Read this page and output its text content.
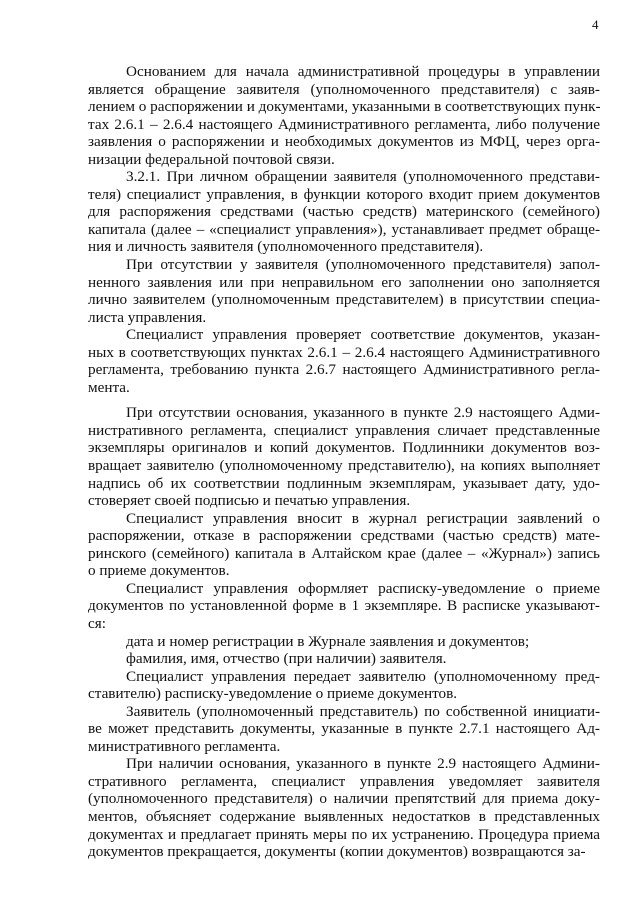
4
Основанием для начала административной процедуры в управлении
является обращение заявителя (уполномоченного представителя) с заяв-
лением о распоряжении и документами, указанными в соответствующих пунк-
тах 2.6.1 – 2.6.4 настоящего Административного регламента, либо получение
заявления о распоряжении и необходимых документов из МФЦ, через орга-
низации федеральной почтовой связи.
3.2.1. При личном обращении заявителя (уполномоченного представи-
теля) специалист управления, в функции которого входит прием документов
для распоряжения средствами (частью средств) материнского (семейного)
капитала (далее – «специалист управления»), устанавливает предмет обраще-
ния и личность заявителя (уполномоченного представителя).
При отсутствии у заявителя (уполномоченного представителя) запол-
ненного заявления или при неправильном его заполнении оно заполняется
лично заявителем (уполномоченным представителем) в присутствии специа-
листа управления.
Специалист управления проверяет соответствие документов, указан-
ных в соответствующих пунктах 2.6.1 – 2.6.4 настоящего Административного
регламента, требованию пункта 2.6.7 настоящего Административного регла-
мента.
При отсутствии основания, указанного в пункте 2.9 настоящего Адми-
нистративного регламента, специалист управления сличает представленные
экземпляры оригиналов и копий документов. Подлинники документов воз-
вращает заявителю (уполномоченному представителю), на копиях выполняет
надпись об их соответствии подлинным экземплярам, указывает дату, удо-
стоверяет своей подписью и печатью управления.
Специалист управления вносит в журнал регистрации заявлений о
распоряжении, отказе в распоряжении средствами (частью средств) мате-
ринского (семейного) капитала в Алтайском крае (далее – «Журнал») запись
о приеме документов.
Специалист управления оформляет расписку-уведомление о приеме
документов по установленной форме в 1 экземпляре. В расписке указывают-
ся:
дата и номер регистрации в Журнале заявления и документов;
фамилия, имя, отчество (при наличии) заявителя.
Специалист управления передает заявителю (уполномоченному пред-
ставителю) расписку-уведомление о приеме документов.
Заявитель (уполномоченный представитель) по собственной инициати-
ве может представить документы, указанные в пункте 2.7.1 настоящего Ад-
министративного регламента.
При наличии основания, указанного в пункте 2.9 настоящего Админи-
стративного регламента, специалист управления уведомляет заявителя
(уполномоченного представителя) о наличии препятствий для приема доку-
ментов, объясняет содержание выявленных недостатков в представленных
документах и предлагает принять меры по их устранению. Процедура приема
документов прекращается, документы (копии документов) возвращаются за-
